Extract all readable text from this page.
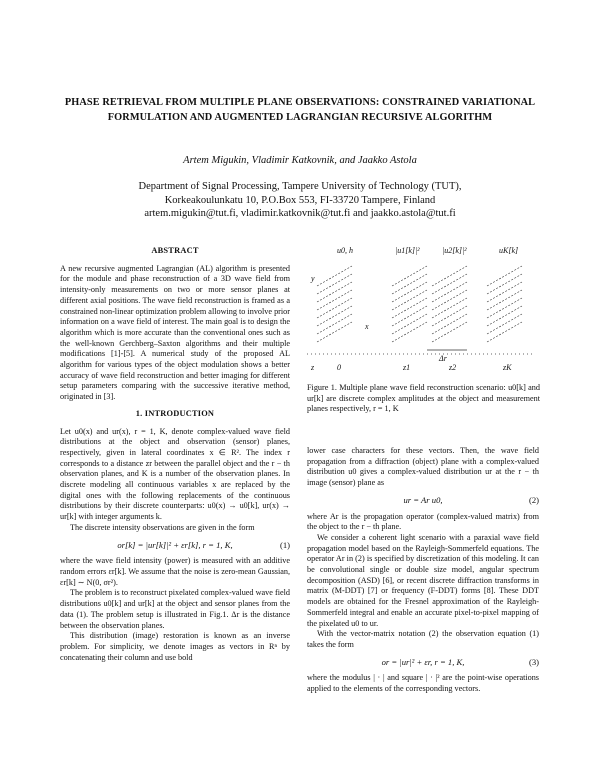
PHASE RETRIEVAL FROM MULTIPLE PLANE OBSERVATIONS: CONSTRAINED VARIATIONAL FORMULATION AND AUGMENTED LAGRANGIAN RECURSIVE ALGORITHM
Artem Migukin, Vladimir Katkovnik, and Jaakko Astola
Department of Signal Processing, Tampere University of Technology (TUT),
Korkeakoulunkatu 10, P.O.Box 553, FI-33720 Tampere, Finland
artem.migukin@tut.fi, vladimir.katkovnik@tut.fi and jaakko.astola@tut.fi
ABSTRACT

A new recursive augmented Lagrangian (AL) algorithm is presented for the module and phase reconstruction of a 3D wave field from intensity-only measurements on two or more sensor planes at different axial positions. The wave field reconstruction is framed as a constrained non-linear optimization problem allowing to involve prior information on a wave field of interest. The main goal is to design the algorithm which is more accurate than the conventional ones such as the well-known Gerchberg–Saxton algorithms and their multiple modifications [1]-[5]. A numerical study of the proposed AL algorithm for various types of the object modulation shows a better accuracy of wave field reconstruction and better imaging for different setup parameters comparing with the successive iterative method, originated in [3].

1. INTRODUCTION

Let u0(x) and ur(x), r = 1, K, denote complex-valued wave field distributions at the object and observation (sensor) planes, respectively, given in lateral coordinates x ∈ R². The index r corresponds to a distance zr between the parallel object and the r − th observation planes, and K is a number of the observation planes. In discrete modeling all continuous variables x are replaced by the digital ones with the following replacements of the continuous distributions by their discrete counterparts: u0(x) → u0[k], ur(x) → ur[k] with integer arguments k.

The discrete intensity observations are given in the form

or[k] = |ur[k]|² + εr[k], r = 1, K,	(1)

where the wave field intensity (power) is measured with an additive random errors εr[k]. We assume that the noise is zero-mean Gaussian, εr[k] ∼ N(0, σr²).

The problem is to reconstruct pixelated complex-valued wave field distributions u0[k] and ur[k] at the object and sensor planes from the data (1). The problem setup is illustrated in Fig.1. Δr is the distance between the observation planes.

This distribution (image) restoration is known as an inverse problem. For simplicity, we denote images as vectors in Rⁿ by concatenating their column and use bold

u0, h	|u1[k]|²	|u2[k]|²	uK[k]
y
x
Δr
z	0	z1	z2	zK
Figure 1. Multiple plane wave field reconstruction scenario: u0[k] and ur[k] are discrete complex amplitudes at the object and measurement planes respectively, r = 1, K

lower case characters for these vectors. Then, the wave field propagation from a diffraction (object) plane with a complex-valued distribution u0 gives a complex-valued distribution ur at the r − th image (sensor) plane as

ur = Ar u0,	(2)

where Ar is the propagation operator (complex-valued matrix) from the object to the r − th plane.

We consider a coherent light scenario with a paraxial wave field propagation model based on the Rayleigh-Sommerfeld equations. The operator Ar in (2) is specified by discretization of this modeling. It can be convolutional single or double size model, angular spectrum decomposition (ASD) [6], or recent discrete diffraction transforms in matrix (M-DDT) [7] or frequency (F-DDT) forms [8]. These DDT models are obtained for the Fresnel approximation of the Rayleigh-Sommerfeld integral and enable an accurate pixel-to-pixel mapping of the pixelated u0 to ur.

With the vector-matrix notation (2) the observation equation (1) takes the form

or = |ur|² + εr, r = 1, K,	(3)

where the modulus | · | and square | · |² are the point-wise operations applied to the elements of the corresponding vectors.
